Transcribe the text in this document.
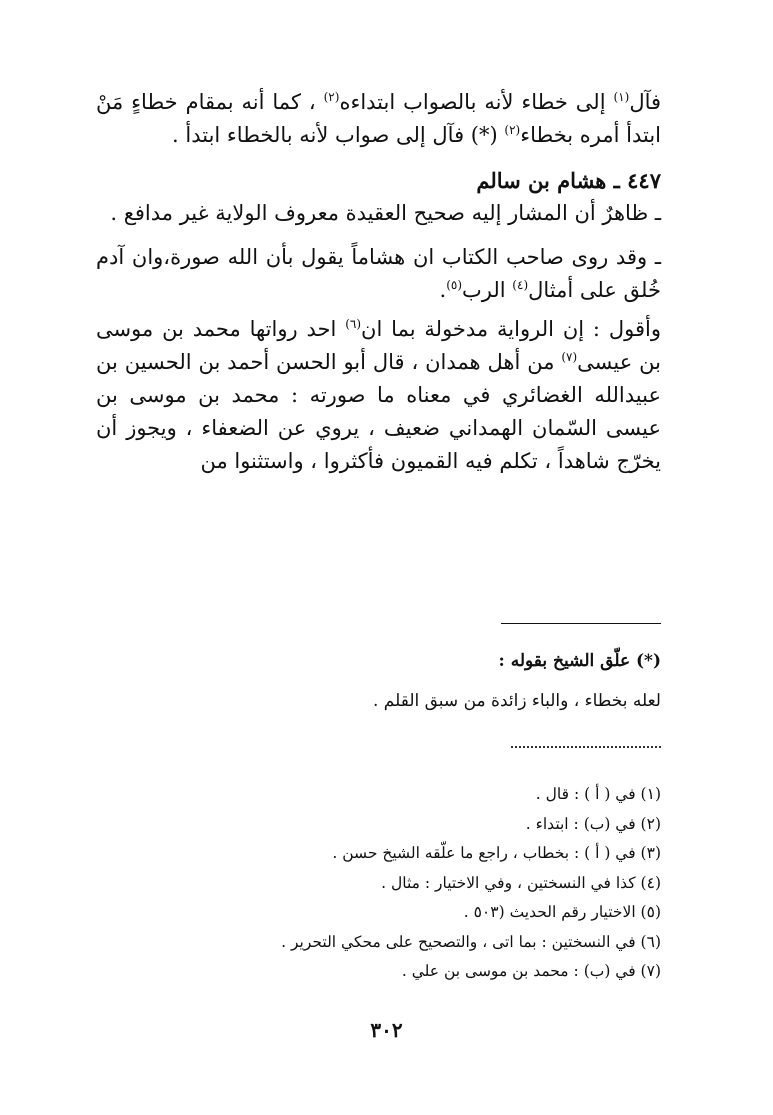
فآل$^{(١)}$ إلى خطاء لأنه بالصواب ابتداءه$^{(٢)}$ ، كما أنه بمقام خطاءٍ مَنْ ابتدأ أمره بخطاء$^{(٢)}$ (*) فآل إلى صواب لأنه بالخطاء ابتدأ .

٤٤٧ ـ هشام بن سالم

ـ ظاهرٌ أن المشار إليه صحيح العقيدة معروف الولاية غير مدافع .

ـ وقد روى صاحب الكتاب ان هشاماً يقول بأن الله صورة،وان آدم خُلق على أمثال$^{(٤)}$ الرب$^{(٥)}$.

وأقول : إن الرواية مدخولة بما ان$^{(٦)}$ احد رواتها محمد بن موسى بن عيسى$^{(٧)}$ من أهل همدان ، قال أبو الحسن أحمد بن الحسين بن عبيدالله الغضائري في معناه ما صورته : محمد بن موسى بن عيسى السّمان الهمداني ضعيف ، يروي عن الضعفاء ، ويجوز أن يخرّج شاهداً ، تكلم فيه القميون فأكثروا ، واستثنوا من

(*) علّق الشيخ بقوله :

لعله بخطاء ، والباء زائدة من سبق القلم .

(١) في ( أ ) : قال .
(٢) في (ب) : ابتداء .
(٣) في ( أ ) : بخطاب ، راجع ما علّقه الشيخ حسن .
(٤) كذا في النسختين ، وفي الاختيار : مثال .
(٥) الاختيار رقم الحديث (٥٠٣ .
(٦) في النسختين : بما اتى ، والتصحيح على محكي التحرير .
(٧) في (ب) : محمد بن موسى بن علي .
٣٠٢
